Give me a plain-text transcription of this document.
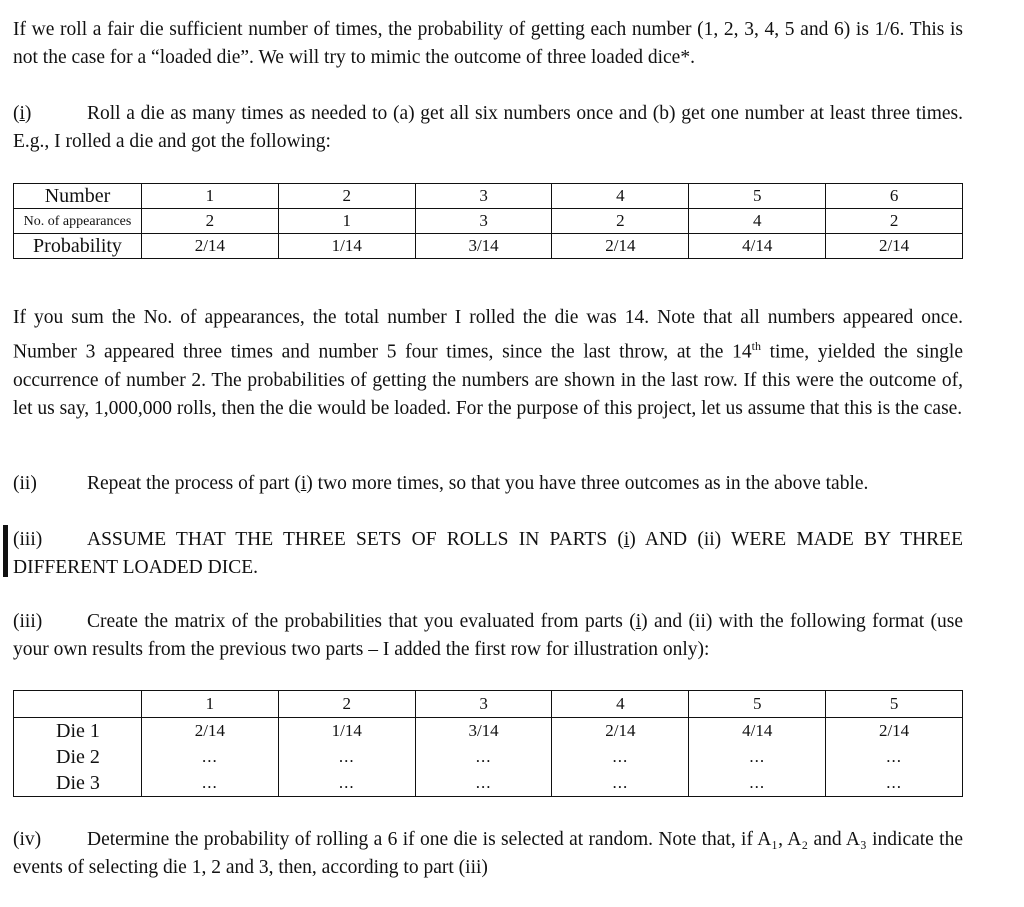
If we roll a fair die sufficient number of times, the probability of getting each number (1, 2, 3, 4, 5 and 6) is 1/6. This is not the case for a “loaded die”. We will try to mimic the outcome of three loaded dice*.

(i)	Roll a die as many times as needed to (a) get all six numbers once and (b) get one number at least three times. E.g., I rolled a die and got the following:

Number	1	2	3	4	5	6
No. of appearances	2	1	3	2	4	2
Probability	2/14	1/14	3/14	2/14	4/14	2/14

If you sum the No. of appearances, the total number I rolled the die was 14. Note that all numbers appeared once. Number 3 appeared three times and number 5 four times, since the last throw, at the 14th time, yielded the single occurrence of number 2. The probabilities of getting the numbers are shown in the last row. If this were the outcome of, let us say, 1,000,000 rolls, then the die would be loaded. For the purpose of this project, let us assume that this is the case.

(ii)	Repeat the process of part (i) two more times, so that you have three outcomes as in the above table.

(iii) ASSUME THAT THE THREE SETS OF ROLLS IN PARTS (i) AND (ii) WERE MADE BY THREE DIFFERENT LOADED DICE.

(iii) Create the matrix of the probabilities that you evaluated from parts (i) and (ii) with the following format (use your own results from the previous two parts – I added the first row for illustration only):

	1	2	3	4	5	5
Die 1	2/14	1/14	3/14	2/14	4/14	2/14
Die 2	...	...	...	...	...	...
Die 3	...	...	...	...	...	...

(iv) Determine the probability of rolling a 6 if one die is selected at random. Note that, if A₁, A₂ and A₃ indicate the events of selecting die 1, 2 and 3, then, according to part (iii)
